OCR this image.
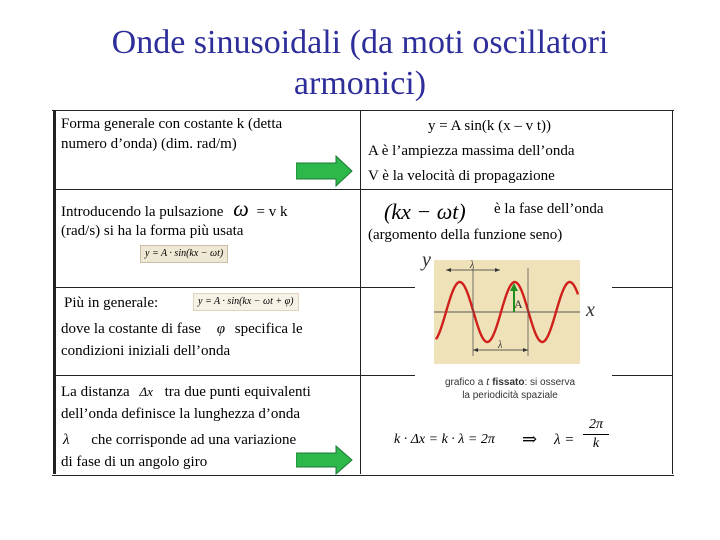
Onde sinusoidali (da moti oscillatori
armonici)
Forma generale con costante k (detta
numero d’onda) (dim. rad/m)
y = A sin(k (x – v t))
A è l’ampiezza massima dell’onda
V è la velocità di propagazione
Introducendo la pulsazione ω = v k
(rad/s) si ha la forma più usata
y = A · sin(kx − ωt)
(kx − ωt) è la fase dell’onda
(argomento della funzione seno)
Più in generale:	y = A · sin(kx − ωt + φ)
dove la costante di fase φ specifica le
condizioni iniziali dell’onda
y
x
A
λ
λ
grafico a t fissato: si osserva
la periodicità spaziale
La distanza Δx tra due punti equivalenti
dell’onda definisce la lunghezza d’onda
λ che corrisponde ad una variazione
di fase di un angolo giro
k · Δx = k · λ = 2π ⇒ $\lambda = \frac{2\pi}{k}$
